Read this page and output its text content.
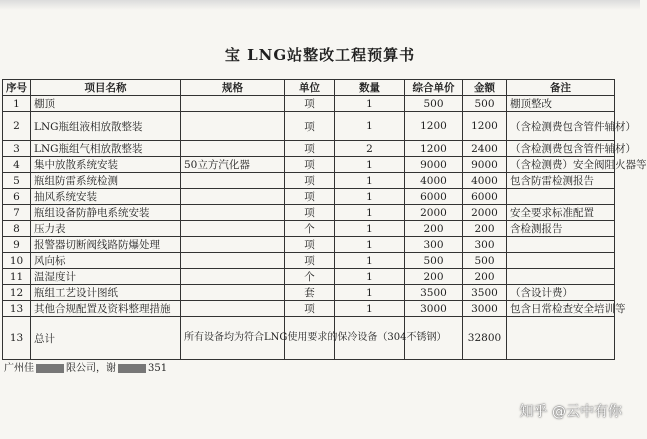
宝 LNG站整改工程预算书
序号	项目名称	规格	单位	数量	综合单价	金额	备注
1	棚顶		项	1	500	500	棚顶整改
2	LNG瓶组液相放散整装		项	1	1200	1200	（含检测费包含管件辅材）
3	LNG瓶组气相放散整装		项	2	1200	2400	（含检测费包含管件辅材）
4	集中放散系统安装	50立方汽化器	项	1	9000	9000	（含检测费）安全阀阻火器等
5	瓶组防雷系统检测		项	1	4000	4000	包含防雷检测报告
6	抽风系统安装		项	1	6000	6000	
7	瓶组设备防静电系统安装		项	1	2000	2000	安全要求标准配置
8	压力表		个	1	200	200	含检测报告
9	报警器切断阀线路防爆处理		项	1	300	300	
10	风向标		项	1	500	500	
11	温湿度计		个	1	200	200	
12	瓶组工艺设计图纸		套	1	3500	3500	（含设计费）
13	其他合规配置及资料整理措施		项	1	3000	3000	包含日常检查安全培训等
13	总计	所有设备均为符合LNG使用要求的保冷设备（304不锈钢）				32800	
广州佳	限公司，谢	351
知乎 @云中有你
